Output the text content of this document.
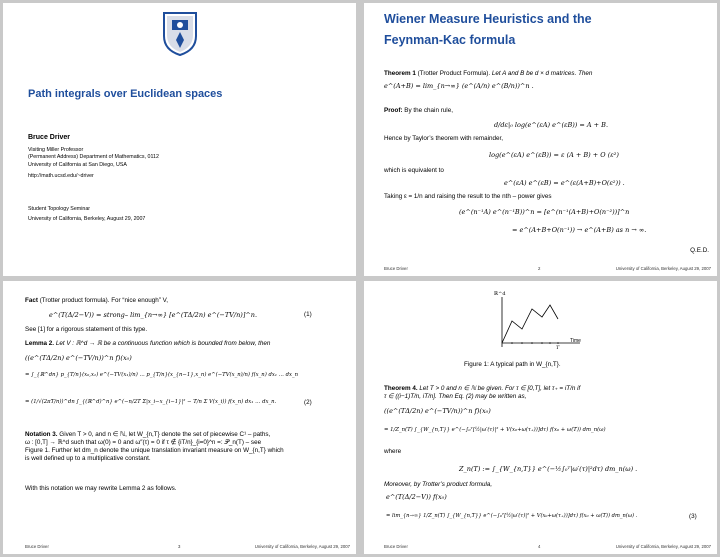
Path integrals over Euclidean spaces
Bruce Driver
Visiting Miller Professor
(Permanent Address) Department of Mathematics, 0112
University of California at San Diego, USA
http://math.ucsd.edu/~driver
Student Topology Seminar
University of California, Berkeley, August 29, 2007
Wiener Measure Heuristics and the
Feynman-Kac formula
Theorem 1 (Trotter Product Formula). Let A and B be d × d matrices. Then
e^(A+B) = lim_{n→∞} (e^(A/n) e^(B/n))^n .
Proof: By the chain rule,
d/dε|₀ log(e^(εA) e^(εB)) = A + B.
Hence by Taylor’s theorem with remainder,
log(e^(εA) e^(εB)) = ε (A + B) + O (ε²)
which is equivalent to
e^(εA) e^(εB) = e^(ε(A+B)+O(ε²)) .
Taking ε = 1/n and raising the result to the nth – power gives
(e^(n⁻¹A) e^(n⁻¹B))^n = [e^(n⁻¹(A+B)+O(n⁻²))]^n
= e^(A+B+O(n⁻¹)) → e^(A+B) as n → ∞.
Q.E.D.
Bruce Driver	2	University of California, Berkeley, August 29, 2007
Fact (Trotter product formula). For “nice enough” V,
e^(T(Δ/2−V)) = strong– lim_{n→∞} [e^(TΔ/2n) e^(−TV/n)]^n.	(1)
See [1] for a rigorous statement of this type.
Lemma 2. Let V : ℝ^d → ℝ be a continuous function which is bounded from below, then
((e^(TΔ/2n) e^(−TV/n))^n f)(x₀)
= ∫_{ℝ^dn} p_{T/n}(x₀,x₁) e^(−TV(x₁)/n) … p_{T/n}(x_{n−1},x_n) e^(−TV(x_n)/n) f(x_n) dx₁ … dx_n
= (1/√(2πT/n))^dn ∫_{(ℝ^d)^n} e^(−n/2T Σ|x_i−x_{i−1}|² − T/n Σ V(x_i)) f(x_n) dx₁ … dx_n.	(2)
Notation 3. Given T > 0, and n ∈ ℕ, let W_{n,T} denote the set of piecewise C¹ – paths,
ω : [0,T] → ℝ^d such that ω(0) = 0 and ω″(τ) = 0 if τ ∉ {iT/n}_{i=0}^n =: 𝒫_n(T) – see
Figure 1. Further let dm_n denote the unique translation invariant measure on W_{n,T} which
is well defined up to a multiplicative constant.
With this notation we may rewrite Lemma 2 as follows.
Bruce Driver	3	University of California, Berkeley, August 29, 2007
ℝ^d
Time
T
Figure 1: A typical path in W_{n,T}.
Theorem 4. Let T > 0 and n ∈ ℕ be given. For τ ∈ [0,T], let τ₊ = iT/n if
τ ∈ ((i−1)T/n, iT/n]. Then Eq. (2) may be written as,
((e^(TΔ/2n) e^(−TV/n))^n f)(x₀)
= 1/Z_n(T) ∫_{W_{n,T}} e^(−∫₀ᵀ[½|ω′(τ)|² + V(x₀+ω(τ₊))]dτ) f(x₀ + ω(T)) dm_n(ω)
where
Z_n(T) := ∫_{W_{n,T}} e^(−½∫₀ᵀ|ω′(τ)|²dτ) dm_n(ω) .
Moreover, by Trotter’s product formula,
e^(T(Δ/2−V)) f(x₀)
= lim_{n→∞} 1/Z_n(T) ∫_{W_{n,T}} e^(−∫₀ᵀ[½|ω′(τ)|² + V(x₀+ω(τ₊))]dτ) f(x₀ + ω(T)) dm_n(ω) .	(3)
Bruce Driver	4	University of California, Berkeley, August 29, 2007
